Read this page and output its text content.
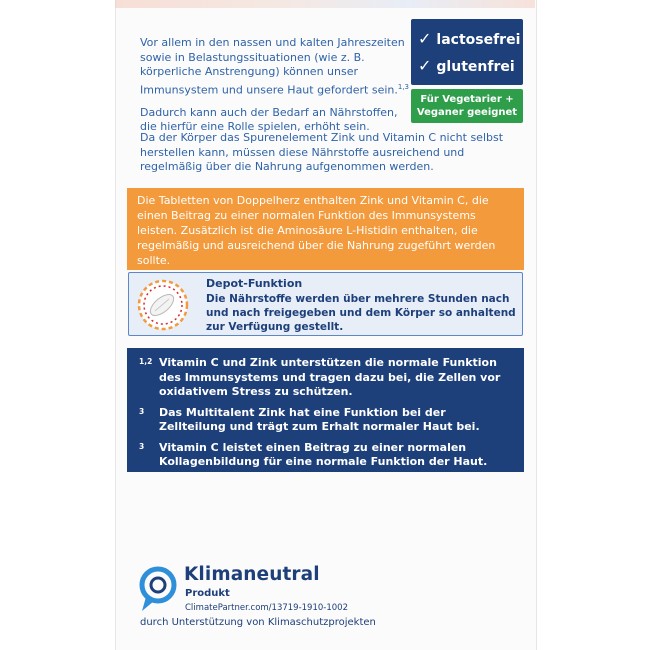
Vor allem in den nassen und kalten Jahreszeiten sowie in Belastungssituationen (wie z. B. körperliche Anstrengung) können unser Immunsystem und unsere Haut gefordert sein.$^{1,3}$

Dadurch kann auch der Bedarf an Nährstoffen, die hierfür eine Rolle spielen, erhöht sein.

Da der Körper das Spurenelement Zink und Vitamin C nicht selbst herstellen kann, müssen diese Nährstoffe ausreichend und regelmäßig über die Nahrung aufgenommen werden.

✓ lactosefrei
✓ glutenfrei
Für Vegetarier +
Veganer geeignet
Die Tabletten von Doppelherz enthalten Zink und Vitamin C, die einen Beitrag zu einer normalen Funktion des Immunsystems leisten. Zusätzlich ist die Aminosäure L-Histidin enthalten, die regelmäßig und ausreichend über die Nahrung zugeführt werden sollte.
Depot-Funktion
Die Nährstoffe werden über mehrere Stunden nach und nach freigegeben und dem Körper so anhaltend zur Verfügung gestellt.
1,2 Vitamin C und Zink unterstützen die normale Funktion des Immunsystems und tragen dazu bei, die Zellen vor oxidativem Stress zu schützen.
3 Das Multitalent Zink hat eine Funktion bei der Zellteilung und trägt zum Erhalt normaler Haut bei.
3 Vitamin C leistet einen Beitrag zu einer normalen Kollagenbildung für eine normale Funktion der Haut.
Klimaneutral
Produkt
ClimatePartner.com/13719-1910-1002
durch Unterstützung von Klimaschutzprojekten
